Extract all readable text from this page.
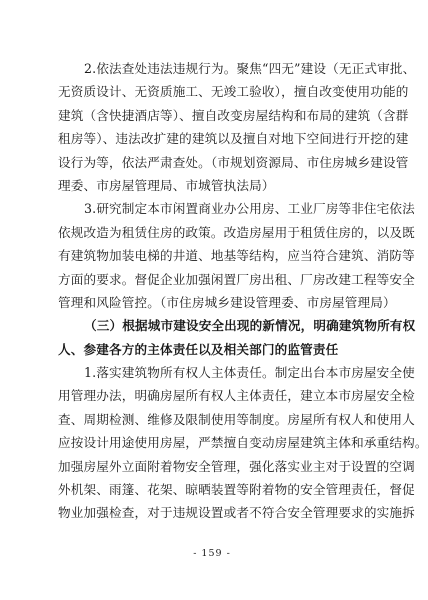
2.依法查处违法违规行为。聚焦“四无”建设（无正式审批、
无资质设计、无资质施工、无竣工验收），擅自改变使用功能的
建筑（含快捷酒店等）、擅自改变房屋结构和布局的建筑（含群
租房等）、违法改扩建的建筑以及擅自对地下空间进行开挖的建
设行为等，依法严肃查处。（市规划资源局、市住房城乡建设管
理委、市房屋管理局、市城管执法局）
3.研究制定本市闲置商业办公用房、工业厂房等非住宅依法
依规改造为租赁住房的政策。改造房屋用于租赁住房的，以及既
有建筑物加装电梯的井道、地基等结构，应当符合建筑、消防等
方面的要求。督促企业加强闲置厂房出租、厂房改建工程等安全
管理和风险管控。（市住房城乡建设管理委、市房屋管理局）
（三）根据城市建设安全出现的新情况，明确建筑物所有权
人、参建各方的主体责任以及相关部门的监管责任
1.落实建筑物所有权人主体责任。制定出台本市房屋安全使
用管理办法，明确房屋所有权人主体责任，建立本市房屋安全检
查、周期检测、维修及限制使用等制度。房屋所有权人和使用人
应按设计用途使用房屋，严禁擅自变动房屋建筑主体和承重结构。
加强房屋外立面附着物安全管理，强化落实业主对于设置的空调
外机架、雨篷、花架、晾晒装置等附着物的安全管理责任，督促
物业加强检查，对于违规设置或者不符合安全管理要求的实施拆
- 159 -
